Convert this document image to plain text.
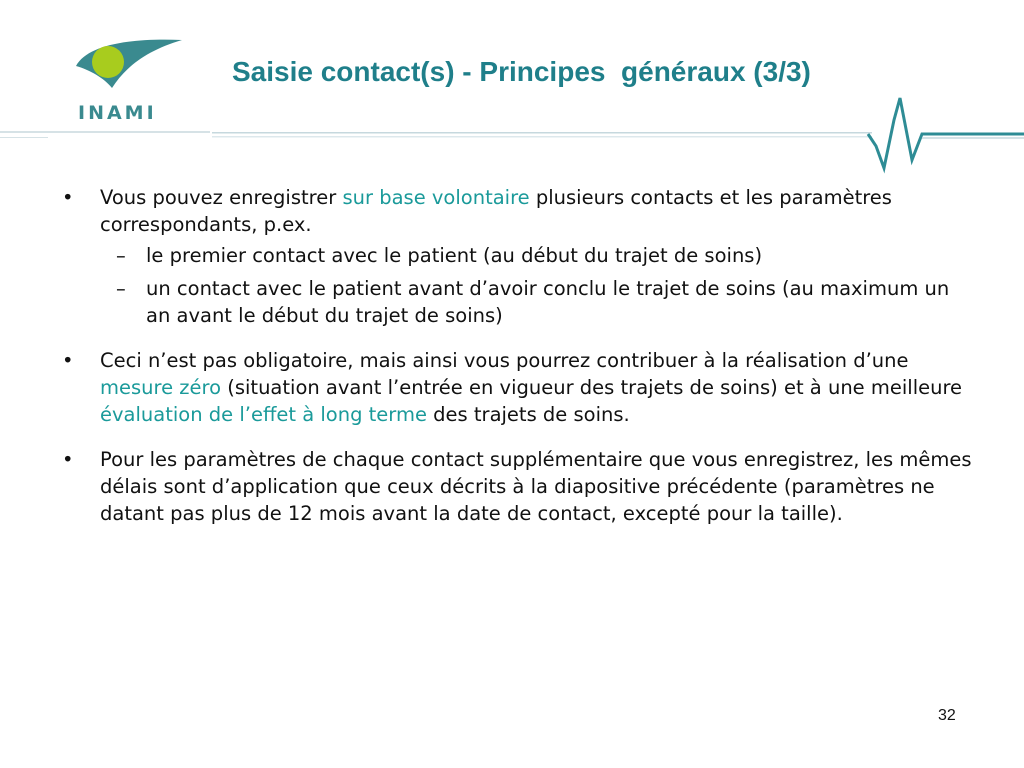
INAMI
Saisie contact(s) - Principes  généraux (3/3)
• Vous pouvez enregistrer sur base volontaire plusieurs contacts et les paramètres correspondants, p.ex.
– le premier contact avec le patient (au début du trajet de soins)
– un contact avec le patient avant d’avoir conclu le trajet de soins (au maximum un an avant le début du trajet de soins)
• Ceci n’est pas obligatoire, mais ainsi vous pourrez contribuer à la réalisation d’une mesure zéro (situation avant l’entrée en vigueur des trajets de soins) et à une meilleure évaluation de l’effet à long terme des trajets de soins.
• Pour les paramètres de chaque contact supplémentaire que vous enregistrez, les mêmes délais sont d’application que ceux décrits à la diapositive précédente (paramètres ne datant pas plus de 12 mois avant la date de contact, excepté pour la taille).
32
